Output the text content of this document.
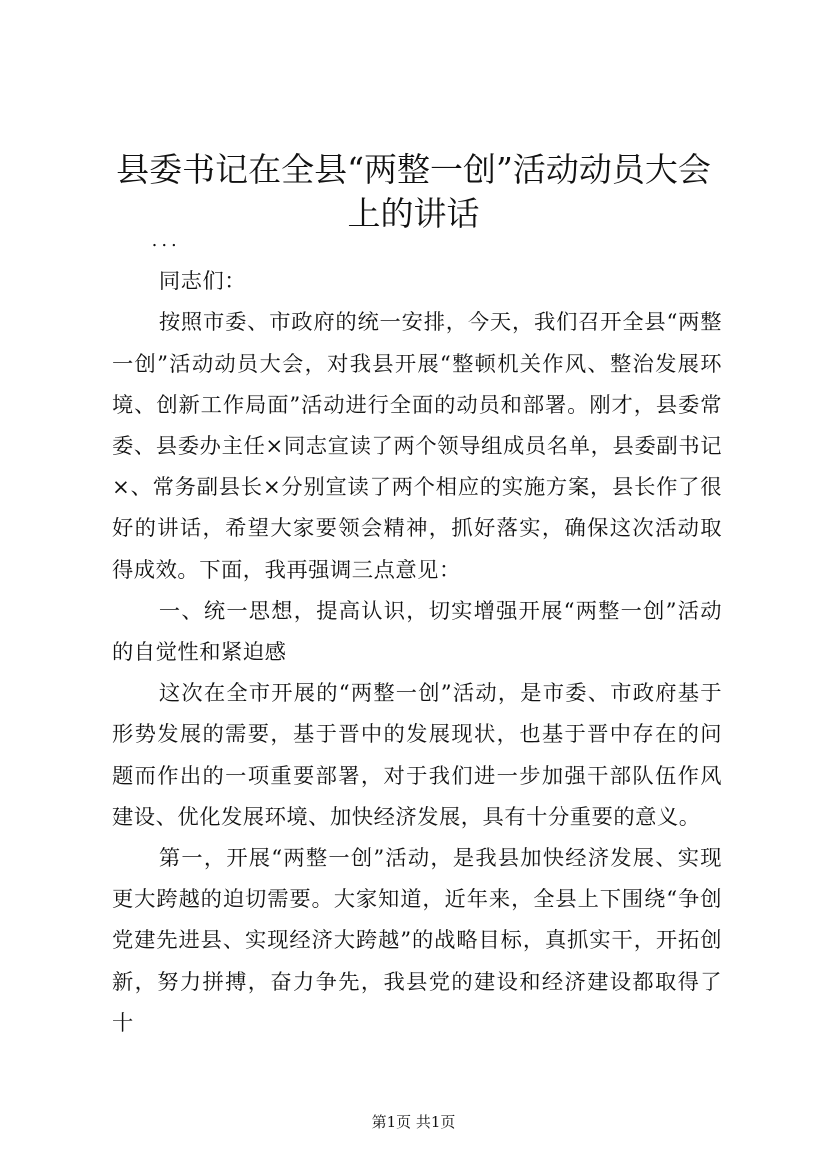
县委书记在全县“两整一创”活动动员大会上的讲话

...

同志们：

按照市委、市政府的统一安排，今天，我们召开全县“两整一创”活动动员大会，对我县开展“整顿机关作风、整治发展环境、创新工作局面”活动进行全面的动员和部署。刚才，县委常委、县委办主任×同志宣读了两个领导组成员名单，县委副书记×、常务副县长×分别宣读了两个相应的实施方案，县长作了很好的讲话，希望大家要领会精神，抓好落实，确保这次活动取得成效。下面，我再强调三点意见：

一、统一思想，提高认识，切实增强开展“两整一创”活动的自觉性和紧迫感

这次在全市开展的“两整一创”活动，是市委、市政府基于形势发展的需要，基于晋中的发展现状，也基于晋中存在的问题而作出的一项重要部署，对于我们进一步加强干部队伍作风建设、优化发展环境、加快经济发展，具有十分重要的意义。

第一，开展“两整一创”活动，是我县加快经济发展、实现更大跨越的迫切需要。大家知道，近年来，全县上下围绕“争创党建先进县、实现经济大跨越”的战略目标，真抓实干，开拓创新，努力拼搏，奋力争先，我县党的建设和经济建设都取得了十

第1页 共1页
